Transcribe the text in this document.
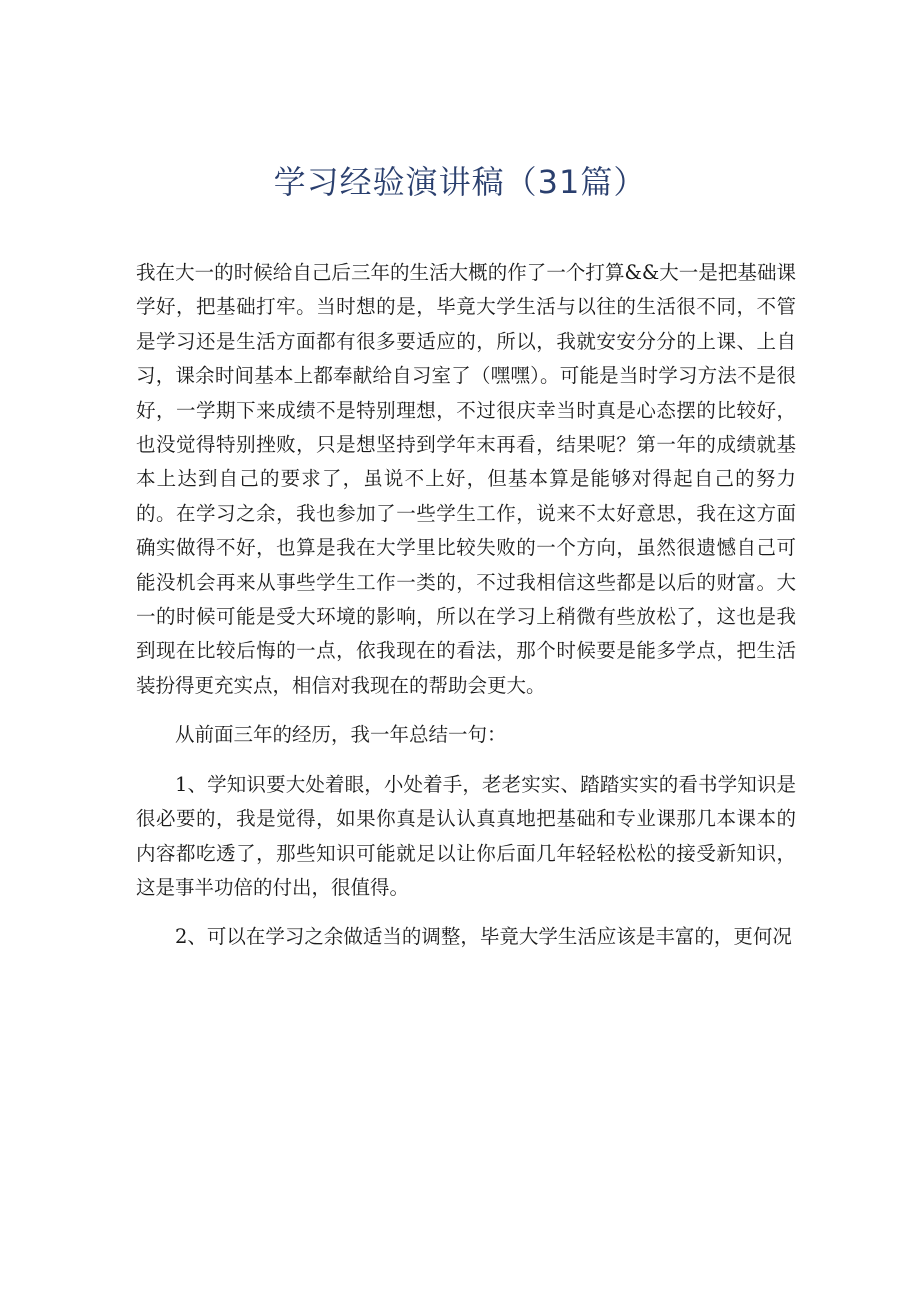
学习经验演讲稿（31篇）

我在大一的时候给自己后三年的生活大概的作了一个打算&&大一是把基础课学好，把基础打牢。当时想的是，毕竟大学生活与以往的生活很不同，不管是学习还是生活方面都有很多要适应的，所以，我就安安分分的上课、上自习，课余时间基本上都奉献给自习室了（嘿嘿）。可能是当时学习方法不是很好，一学期下来成绩不是特别理想，不过很庆幸当时真是心态摆的比较好，也没觉得特别挫败，只是想坚持到学年末再看，结果呢？第一年的成绩就基本上达到自己的要求了，虽说不上好，但基本算是能够对得起自己的努力的。在学习之余，我也参加了一些学生工作，说来不太好意思，我在这方面确实做得不好，也算是我在大学里比较失败的一个方向，虽然很遗憾自己可能没机会再来从事些学生工作一类的，不过我相信这些都是以后的财富。大一的时候可能是受大环境的影响，所以在学习上稍微有些放松了，这也是我到现在比较后悔的一点，依我现在的看法，那个时候要是能多学点，把生活装扮得更充实点，相信对我现在的帮助会更大。

从前面三年的经历，我一年总结一句：

1、学知识要大处着眼，小处着手，老老实实、踏踏实实的看书学知识是很必要的，我是觉得，如果你真是认认真真地把基础和专业课那几本课本的内容都吃透了，那些知识可能就足以让你后面几年轻轻松松的接受新知识，这是事半功倍的付出，很值得。

2、可以在学习之余做适当的调整，毕竟大学生活应该是丰富的，更何况
